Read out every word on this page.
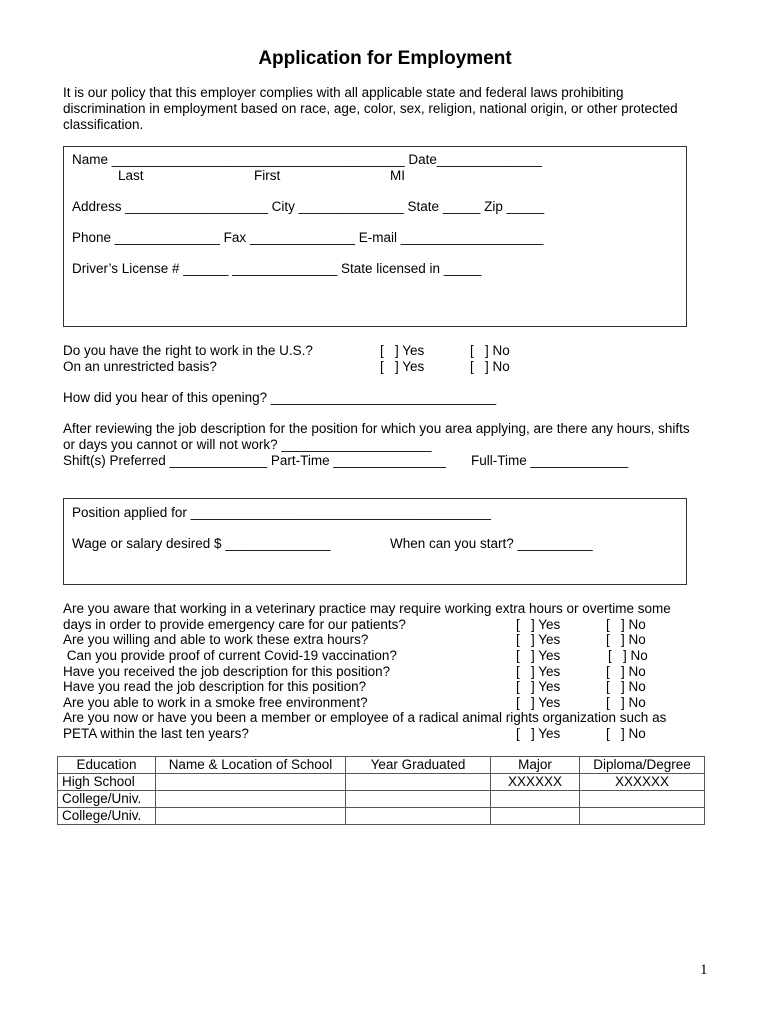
Application for Employment
It is our policy that this employer complies with all applicable state and federal laws prohibiting
discrimination in employment based on race, age, color, sex, religion, national origin, or other protected
classification.
Name _______________________________________ Date______________
Last	First	MI
Address ___________________ City ______________ State _____ Zip _____
Phone ______________ Fax ______________ E-mail ___________________
Driver’s License # ______ ______________ State licensed in _____
Do you have the right to work in the U.S.?	[   ] Yes	[   ] No
On an unrestricted basis?	[   ] Yes	[   ] No
How did you hear of this opening? ______________________________
After reviewing the job description for the position for which you area applying, are there any hours, shifts
or days you cannot or will not work? ____________________
Shift(s) Preferred _____________ Part-Time _______________ Full-Time _____________
Position applied for ________________________________________
Wage or salary desired $ ______________	When can you start? __________
Are you aware that working in a veterinary practice may require working extra hours or overtime some
days in order to provide emergency care for our patients?	[   ] Yes	[   ] No
Are you willing and able to work these extra hours?	[   ] Yes	[   ] No
Can you provide proof of current Covid-19 vaccination?	[   ] Yes	[   ] No
Have you received the job description for this position?	[   ] Yes	[   ] No
Have you read the job description for this position?	[   ] Yes	[   ] No
Are you able to work in a smoke free environment?	[   ] Yes	[   ] No
Are you now or have you been a member or employee of a radical animal rights organization such as
PETA within the last ten years?	[   ] Yes	[   ] No
Education	Name & Location of School	Year Graduated	Major	Diploma/Degree
High School			XXXXXX	XXXXXX
College/Univ.				
College/Univ.				
1
